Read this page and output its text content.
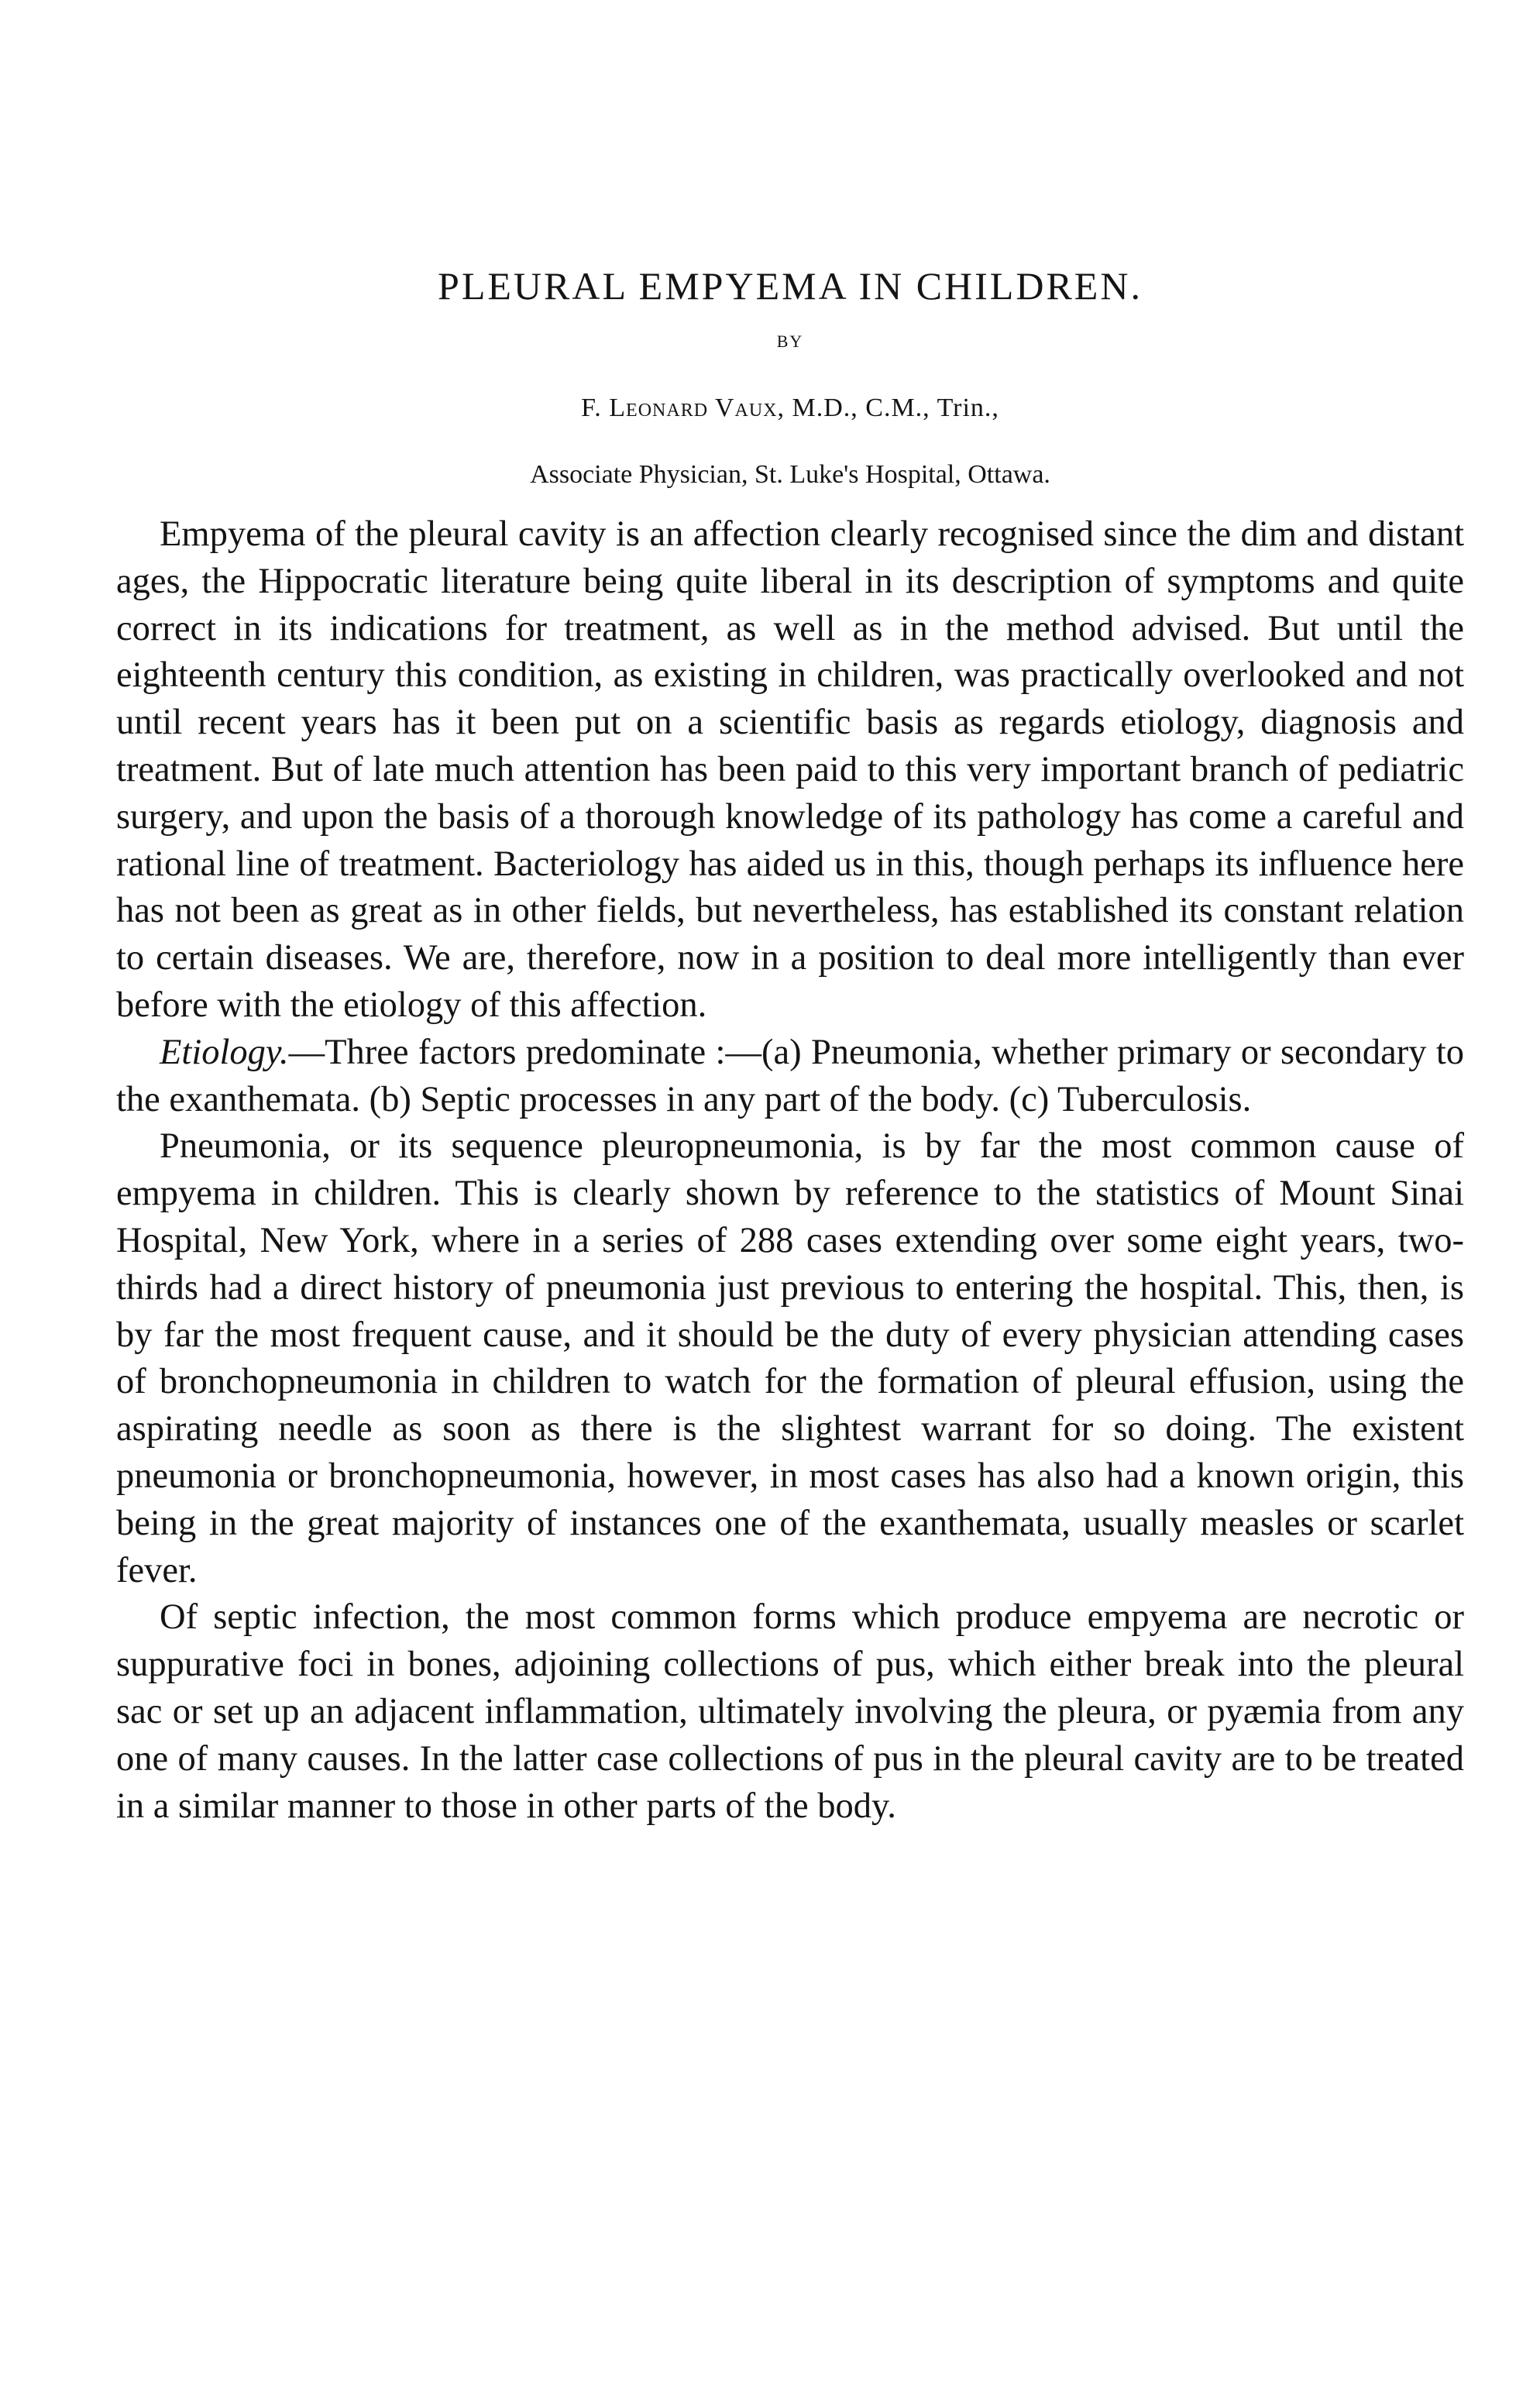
PLEURAL EMPYEMA IN CHILDREN.
BY
F. Leonard Vaux, M.D., C.M., Trin.,
Associate Physician, St. Luke's Hospital, Ottawa.

Empyema of the pleural cavity is an affection clearly recognised since the dim and distant ages, the Hippocratic literature being quite liberal in its description of symptoms and quite correct in its indications for treatment, as well as in the method advised. But until the eighteenth century this condition, as existing in children, was practically overlooked and not until recent years has it been put on a scientific basis as regards etiology, diagnosis and treatment. But of late much attention has been paid to this very important branch of pediatric surgery, and upon the basis of a thorough knowledge of its pathology has come a careful and rational line of treatment. Bacteriology has aided us in this, though perhaps its influence here has not been as great as in other fields, but nevertheless, has established its constant relation to certain diseases. We are, therefore, now in a position to deal more intelligently than ever before with the etiology of this affection.

Etiology.—Three factors predominate :—(a) Pneumonia, whether primary or secondary to the exanthemata. (b) Septic processes in any part of the body. (c) Tuberculosis.

Pneumonia, or its sequence pleuropneumonia, is by far the most common cause of empyema in children. This is clearly shown by reference to the statistics of Mount Sinai Hospital, New York, where in a series of 288 cases extending over some eight years, two-thirds had a direct history of pneumonia just previous to entering the hospital. This, then, is by far the most frequent cause, and it should be the duty of every physician attending cases of bronchopneumonia in children to watch for the formation of pleural effusion, using the aspirating needle as soon as there is the slightest warrant for so doing. The existent pneumonia or bronchopneumonia, however, in most cases has also had a known origin, this being in the great majority of instances one of the exanthemata, usually measles or scarlet fever.

Of septic infection, the most common forms which produce empyema are necrotic or suppurative foci in bones, adjoining collections of pus, which either break into the pleural sac or set up an adjacent inflammation, ultimately involving the pleura, or pyæmia from any one of many causes. In the latter case collections of pus in the pleural cavity are to be treated in a similar manner to those in other parts of the body.
